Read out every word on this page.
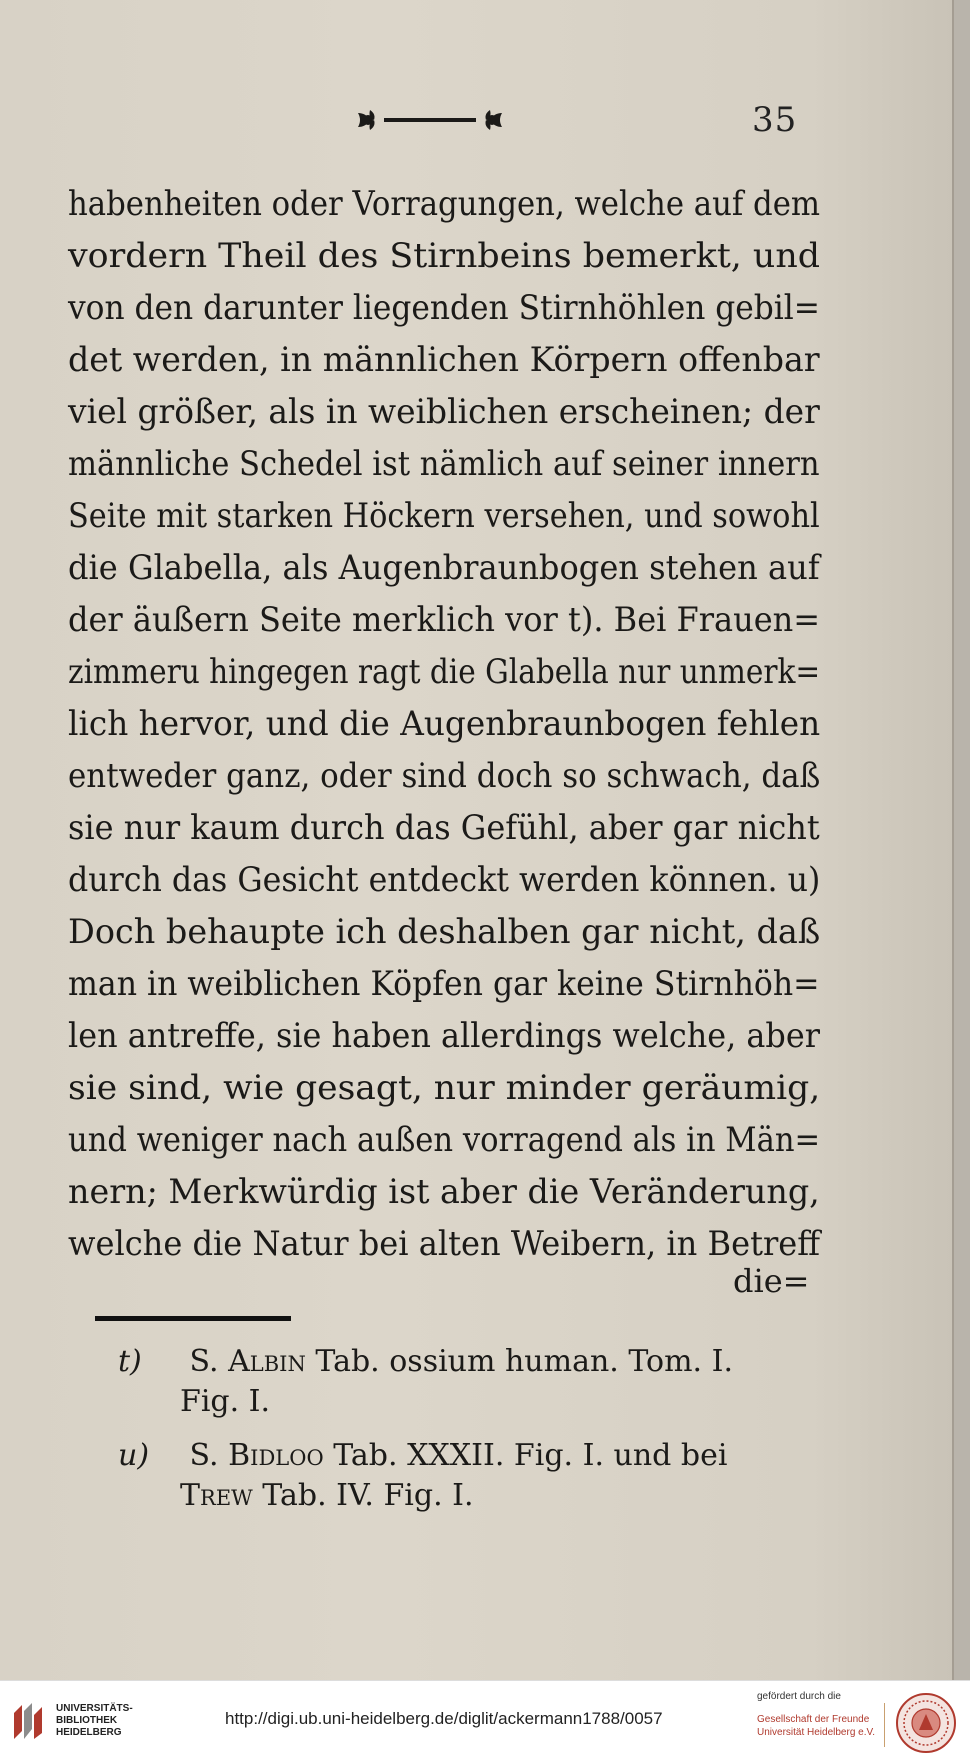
35
habenheiten oder Vorragungen, welche auf dem
vordern Theil des Stirnbeins bemerkt, und
von den darunter liegenden Stirnhöhlen gebil=
det werden, in männlichen Körpern offenbar
viel größer, als in weiblichen erscheinen; der
männliche Schedel ist nämlich auf seiner innern
Seite mit starken Höckern versehen, und sowohl
die Glabella, als Augenbraunbogen stehen auf
der äußern Seite merklich vor t). Bei Frauen=
zimmeru hingegen ragt die Glabella nur unmerk=
lich hervor, und die Augenbraunbogen fehlen
entweder ganz, oder sind doch so schwach, daß
sie nur kaum durch das Gefühl, aber gar nicht
durch das Gesicht entdeckt werden können. u)
Doch behaupte ich deshalben gar nicht, daß
man in weiblichen Köpfen gar keine Stirnhöh=
len antreffe, sie haben allerdings welche, aber
sie sind, wie gesagt, nur minder geräumig,
und weniger nach außen vorragend als in Män=
nern; Merkwürdig ist aber die Veränderung,
welche die Natur bei alten Weibern, in Betreff
die=
t) S. Albin Tab. ossium human. Tom. I.
Fig. I.
u) S. Bidloo Tab. XXXII. Fig. I. und bei
Trew Tab. IV. Fig. I.
UNIVERSITÄTS-
BIBLIOTHEK
HEIDELBERG
http://digi.ub.uni-heidelberg.de/diglit/ackermann1788/0057
gefördert durch die
Gesellschaft der Freunde
Universität Heidelberg e.V.
